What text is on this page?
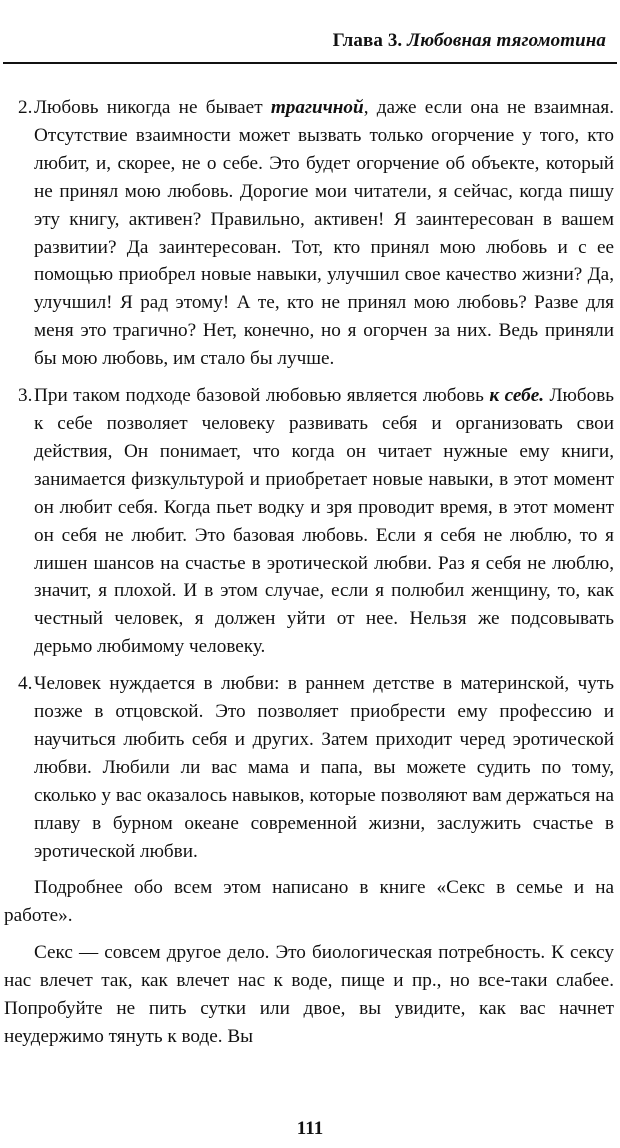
Глава 3. Любовная тягомотина
2. Любовь никогда не бывает трагичной, даже если она не взаимная. Отсутствие взаимности может вызвать только огорчение у того, кто любит, и, скорее, не о себе. Это будет огорчение об объекте, который не принял мою любовь. Дорогие мои читатели, я сейчас, когда пишу эту книгу, активен? Правильно, активен! Я заинтересован в вашем развитии? Да заинтересован. Тот, кто принял мою любовь и с ее помощью приобрел новые навыки, улучшил свое качество жизни? Да, улучшил! Я рад этому! А те, кто не принял мою любовь? Разве для меня это трагично? Нет, конечно, но я огорчен за них. Ведь приняли бы мою любовь, им стало бы лучше.
3. При таком подходе базовой любовью является любовь к себе. Любовь к себе позволяет человеку развивать себя и организовать свои действия, Он понимает, что когда он читает нужные ему книги, занимается физкультурой и приобретает новые навыки, в этот момент он любит себя. Когда пьет водку и зря проводит время, в этот момент он себя не любит. Это базовая любовь. Если я себя не люблю, то я лишен шансов на счастье в эротической любви. Раз я себя не люблю, значит, я плохой. И в этом случае, если я полюбил женщину, то, как честный человек, я должен уйти от нее. Нельзя же подсовывать дерьмо любимому человеку.
4. Человек нуждается в любви: в раннем детстве в материнской, чуть позже в отцовской. Это позволяет приобрести ему профессию и научиться любить себя и других. Затем приходит черед эротической любви. Любили ли вас мама и папа, вы можете судить по тому, сколько у вас оказалось навыков, которые позволяют вам держаться на плаву в бурном океане современной жизни, заслужить счастье в эротической любви.

Подробнее обо всем этом написано в книге «Секс в семье и на работе».

Секс — совсем другое дело. Это биологическая потребность. К сексу нас влечет так, как влечет нас к воде, пище и пр., но все-таки слабее. Попробуйте не пить сутки или двое, вы увидите, как вас начнет неудержимо тянуть к воде. Вы

111
